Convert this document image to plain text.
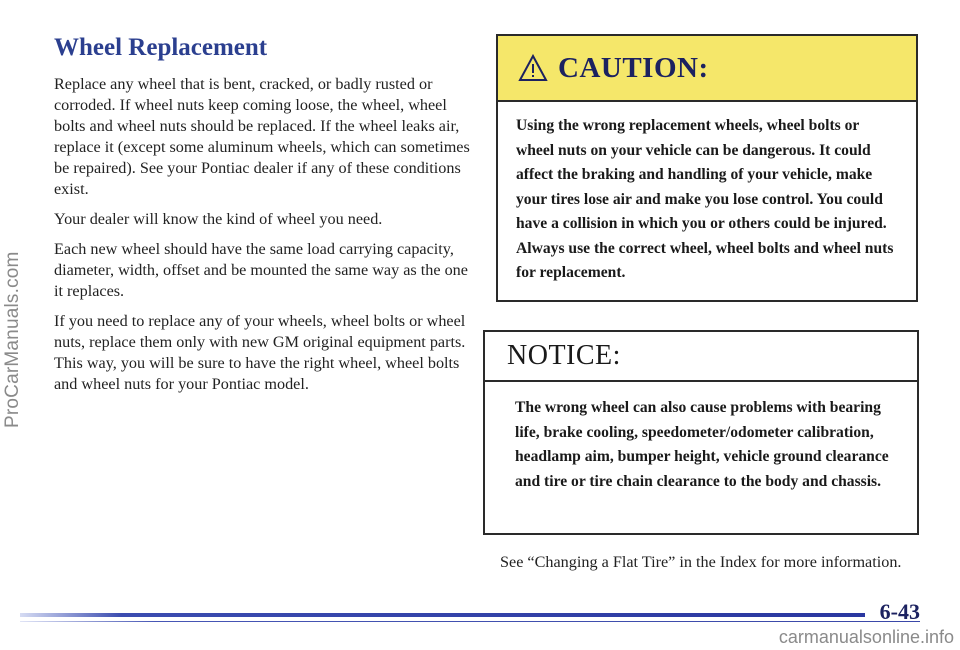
ProCarManuals.com
Wheel Replacement

Replace any wheel that is bent, cracked, or badly rusted or corroded. If wheel nuts keep coming loose, the wheel, wheel bolts and wheel nuts should be replaced. If the wheel leaks air, replace it (except some aluminum wheels, which can sometimes be repaired). See your Pontiac dealer if any of these conditions exist.

Your dealer will know the kind of wheel you need.

Each new wheel should have the same load carrying capacity, diameter, width, offset and be mounted the same way as the one it replaces.

If you need to replace any of your wheels, wheel bolts or wheel nuts, replace them only with new GM original equipment parts. This way, you will be sure to have the right wheel, wheel bolts and wheel nuts for your Pontiac model.

CAUTION:
Using the wrong replacement wheels, wheel bolts or wheel nuts on your vehicle can be dangerous. It could affect the braking and handling of your vehicle, make your tires lose air and make you lose control. You could have a collision in which you or others could be injured. Always use the correct wheel, wheel bolts and wheel nuts for replacement.
NOTICE:
The wrong wheel can also cause problems with bearing life, brake cooling, speedometer/odometer calibration, headlamp aim, bumper height, vehicle ground clearance and tire or tire chain clearance to the body and chassis.
See “Changing a Flat Tire” in the Index for more information.
6-43
carmanualsonline.info
